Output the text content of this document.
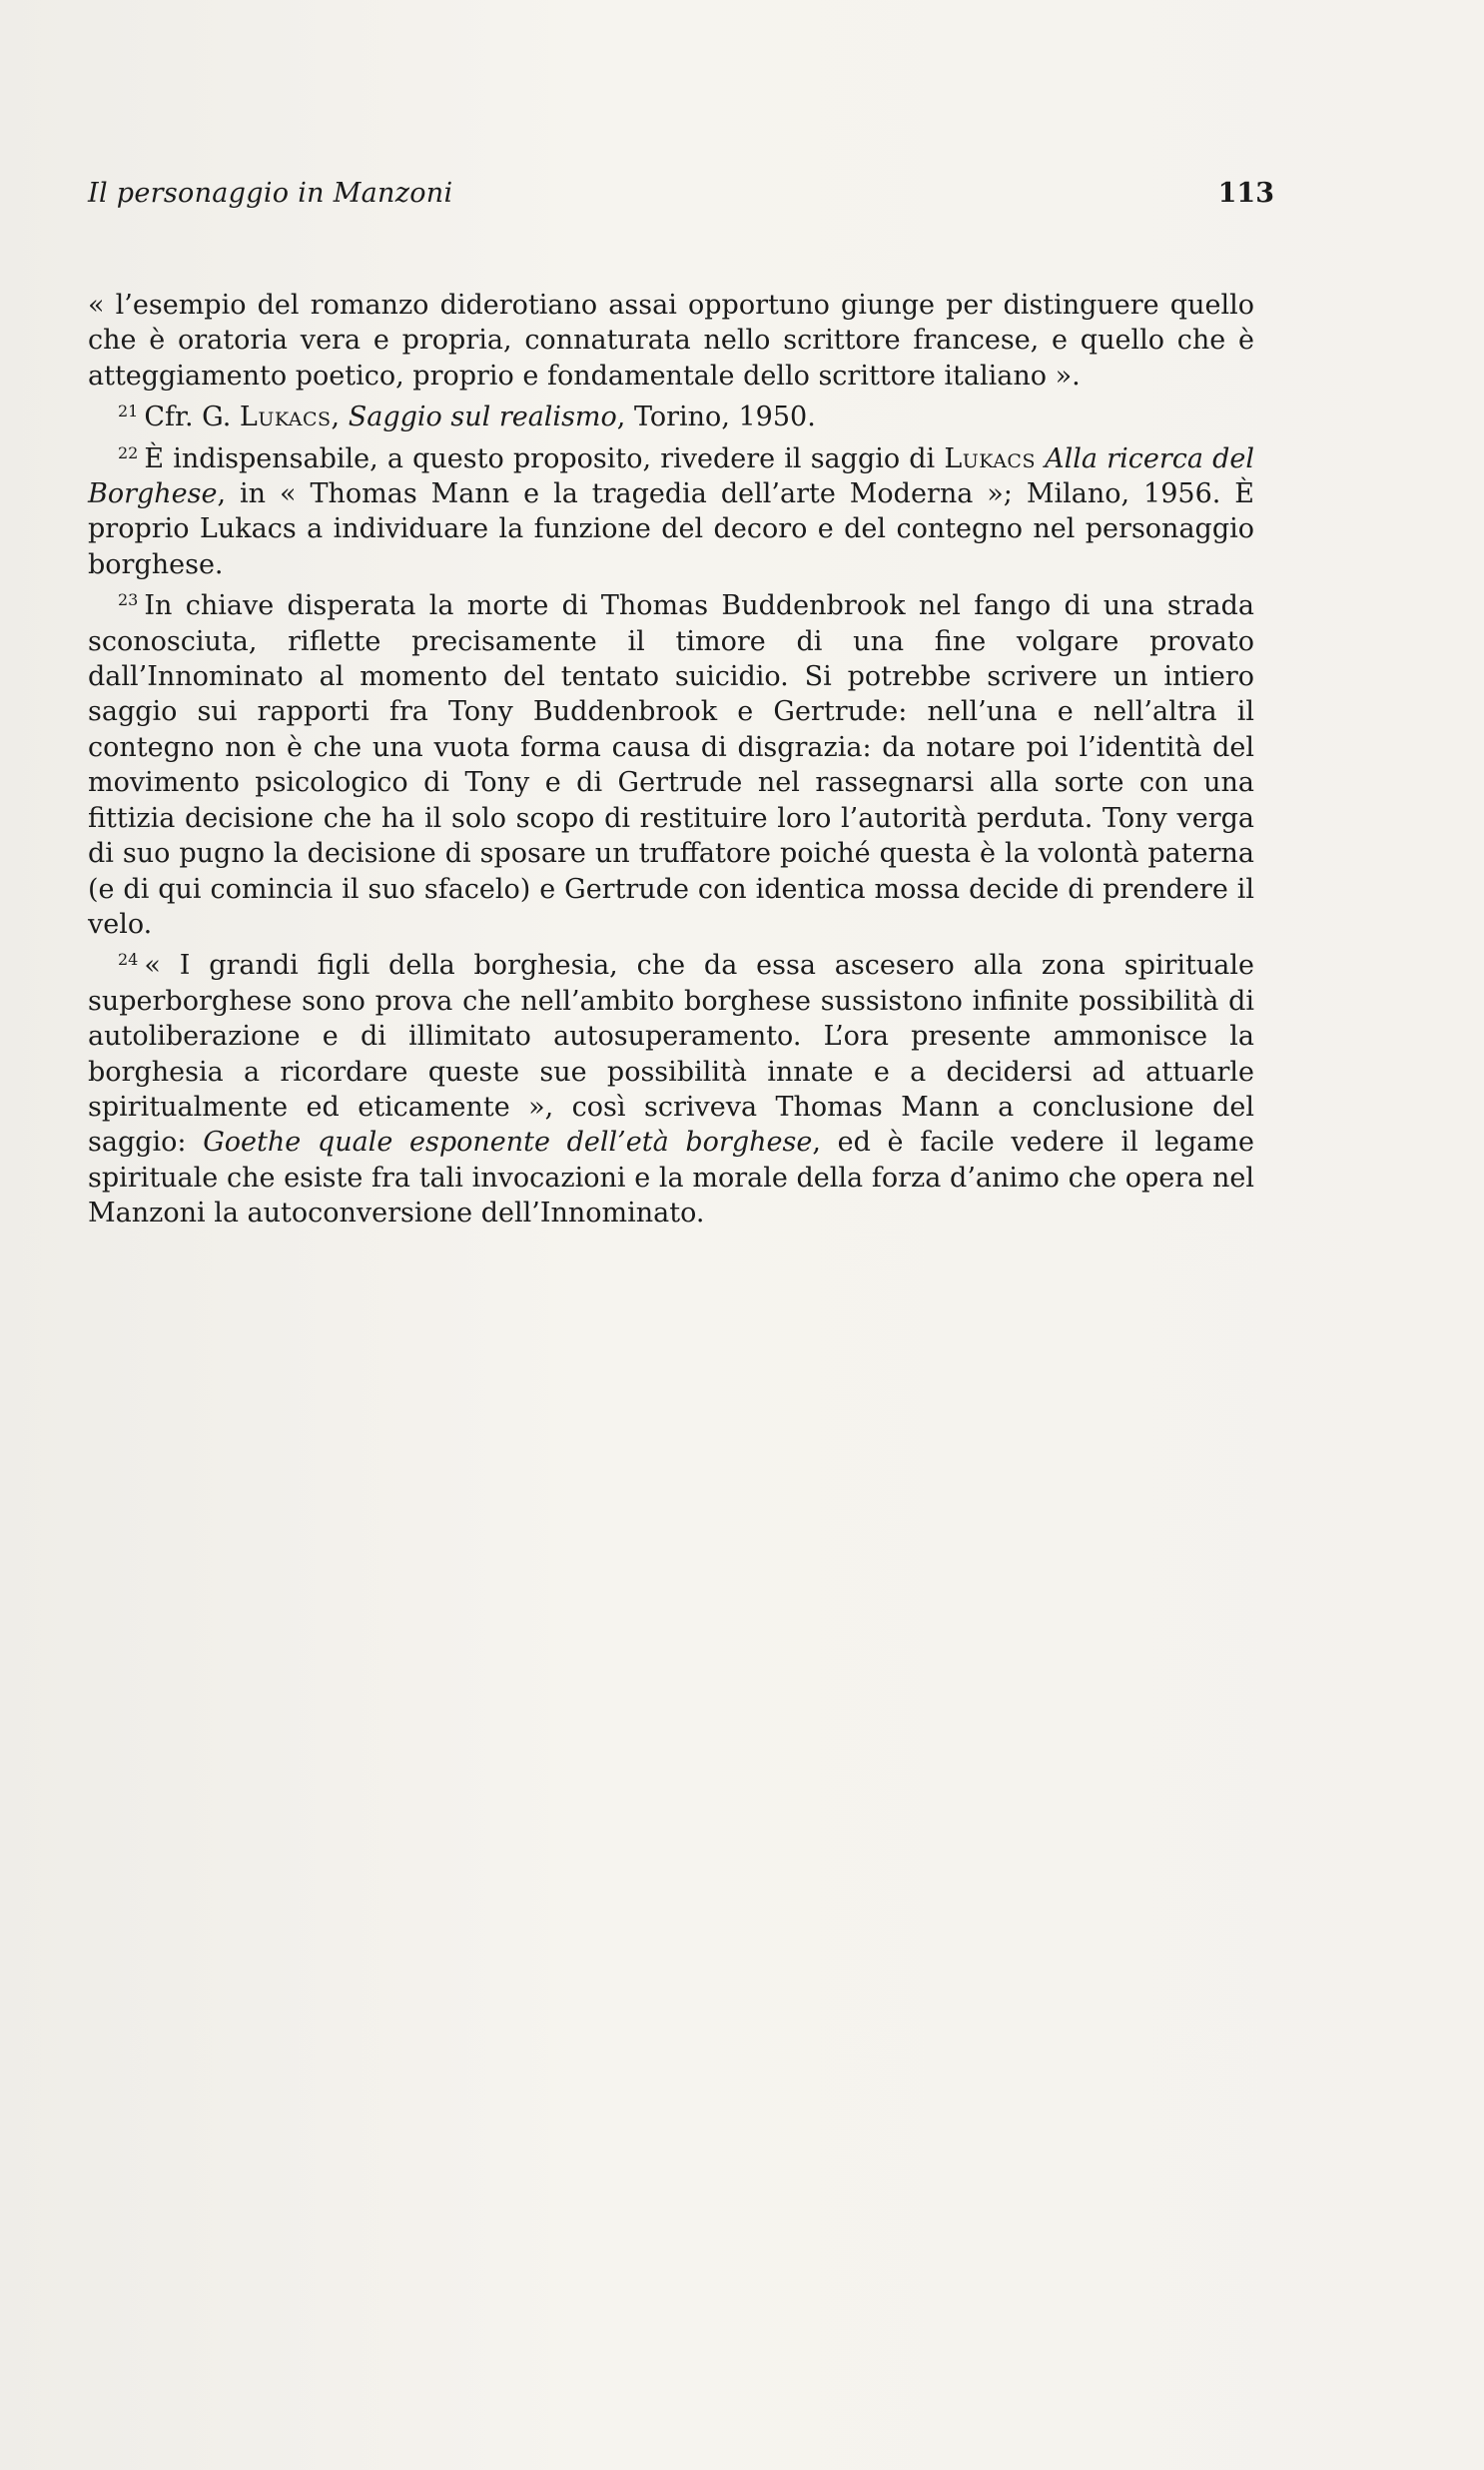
Il personaggio in Manzoni	113

« l’esempio del romanzo diderotiano assai opportuno giunge per distinguere quello che è oratoria vera e propria, connaturata nello scrittore francese, e quello che è atteggiamento poetico, proprio e fondamentale dello scrittore italiano ».

$^{21}$ Cfr. G. Lukacs, Saggio sul realismo, Torino, 1950.

$^{22}$ È indispensabile, a questo proposito, rivedere il saggio di Lukacs Alla ricerca del Borghese, in « Thomas Mann e la tragedia dell’arte Moderna »; Milano, 1956. È proprio Lukacs a individuare la funzione del decoro e del contegno nel personaggio borghese.

$^{23}$ In chiave disperata la morte di Thomas Buddenbrook nel fango di una strada sconosciuta, riflette precisamente il timore di una fine volgare provato dall’Innominato al momento del tentato suicidio. Si potrebbe scrivere un intiero saggio sui rapporti fra Tony Buddenbrook e Gertrude: nell’una e nell’altra il contegno non è che una vuota forma causa di disgrazia: da notare poi l’identità del movimento psicologico di Tony e di Gertrude nel rassegnarsi alla sorte con una fittizia decisione che ha il solo scopo di restituire loro l’autorità perduta. Tony verga di suo pugno la decisione di sposare un truffatore poiché questa è la volontà paterna (e di qui comincia il suo sfacelo) e Gertrude con identica mossa decide di prendere il velo.

$^{24}$ « I grandi figli della borghesia, che da essa ascesero alla zona spirituale superborghese sono prova che nell’ambito borghese sussistono infinite possibilità di autoliberazione e di illimitato autosuperamento. L’ora presente ammonisce la borghesia a ricordare queste sue possibilità innate e a decidersi ad attuarle spiritualmente ed eticamente », così scriveva Thomas Mann a conclusione del saggio: Goethe quale esponente dell’età borghese, ed è facile vedere il legame spirituale che esiste fra tali invocazioni e la morale della forza d’animo che opera nel Manzoni la autoconversione dell’Innominato.
